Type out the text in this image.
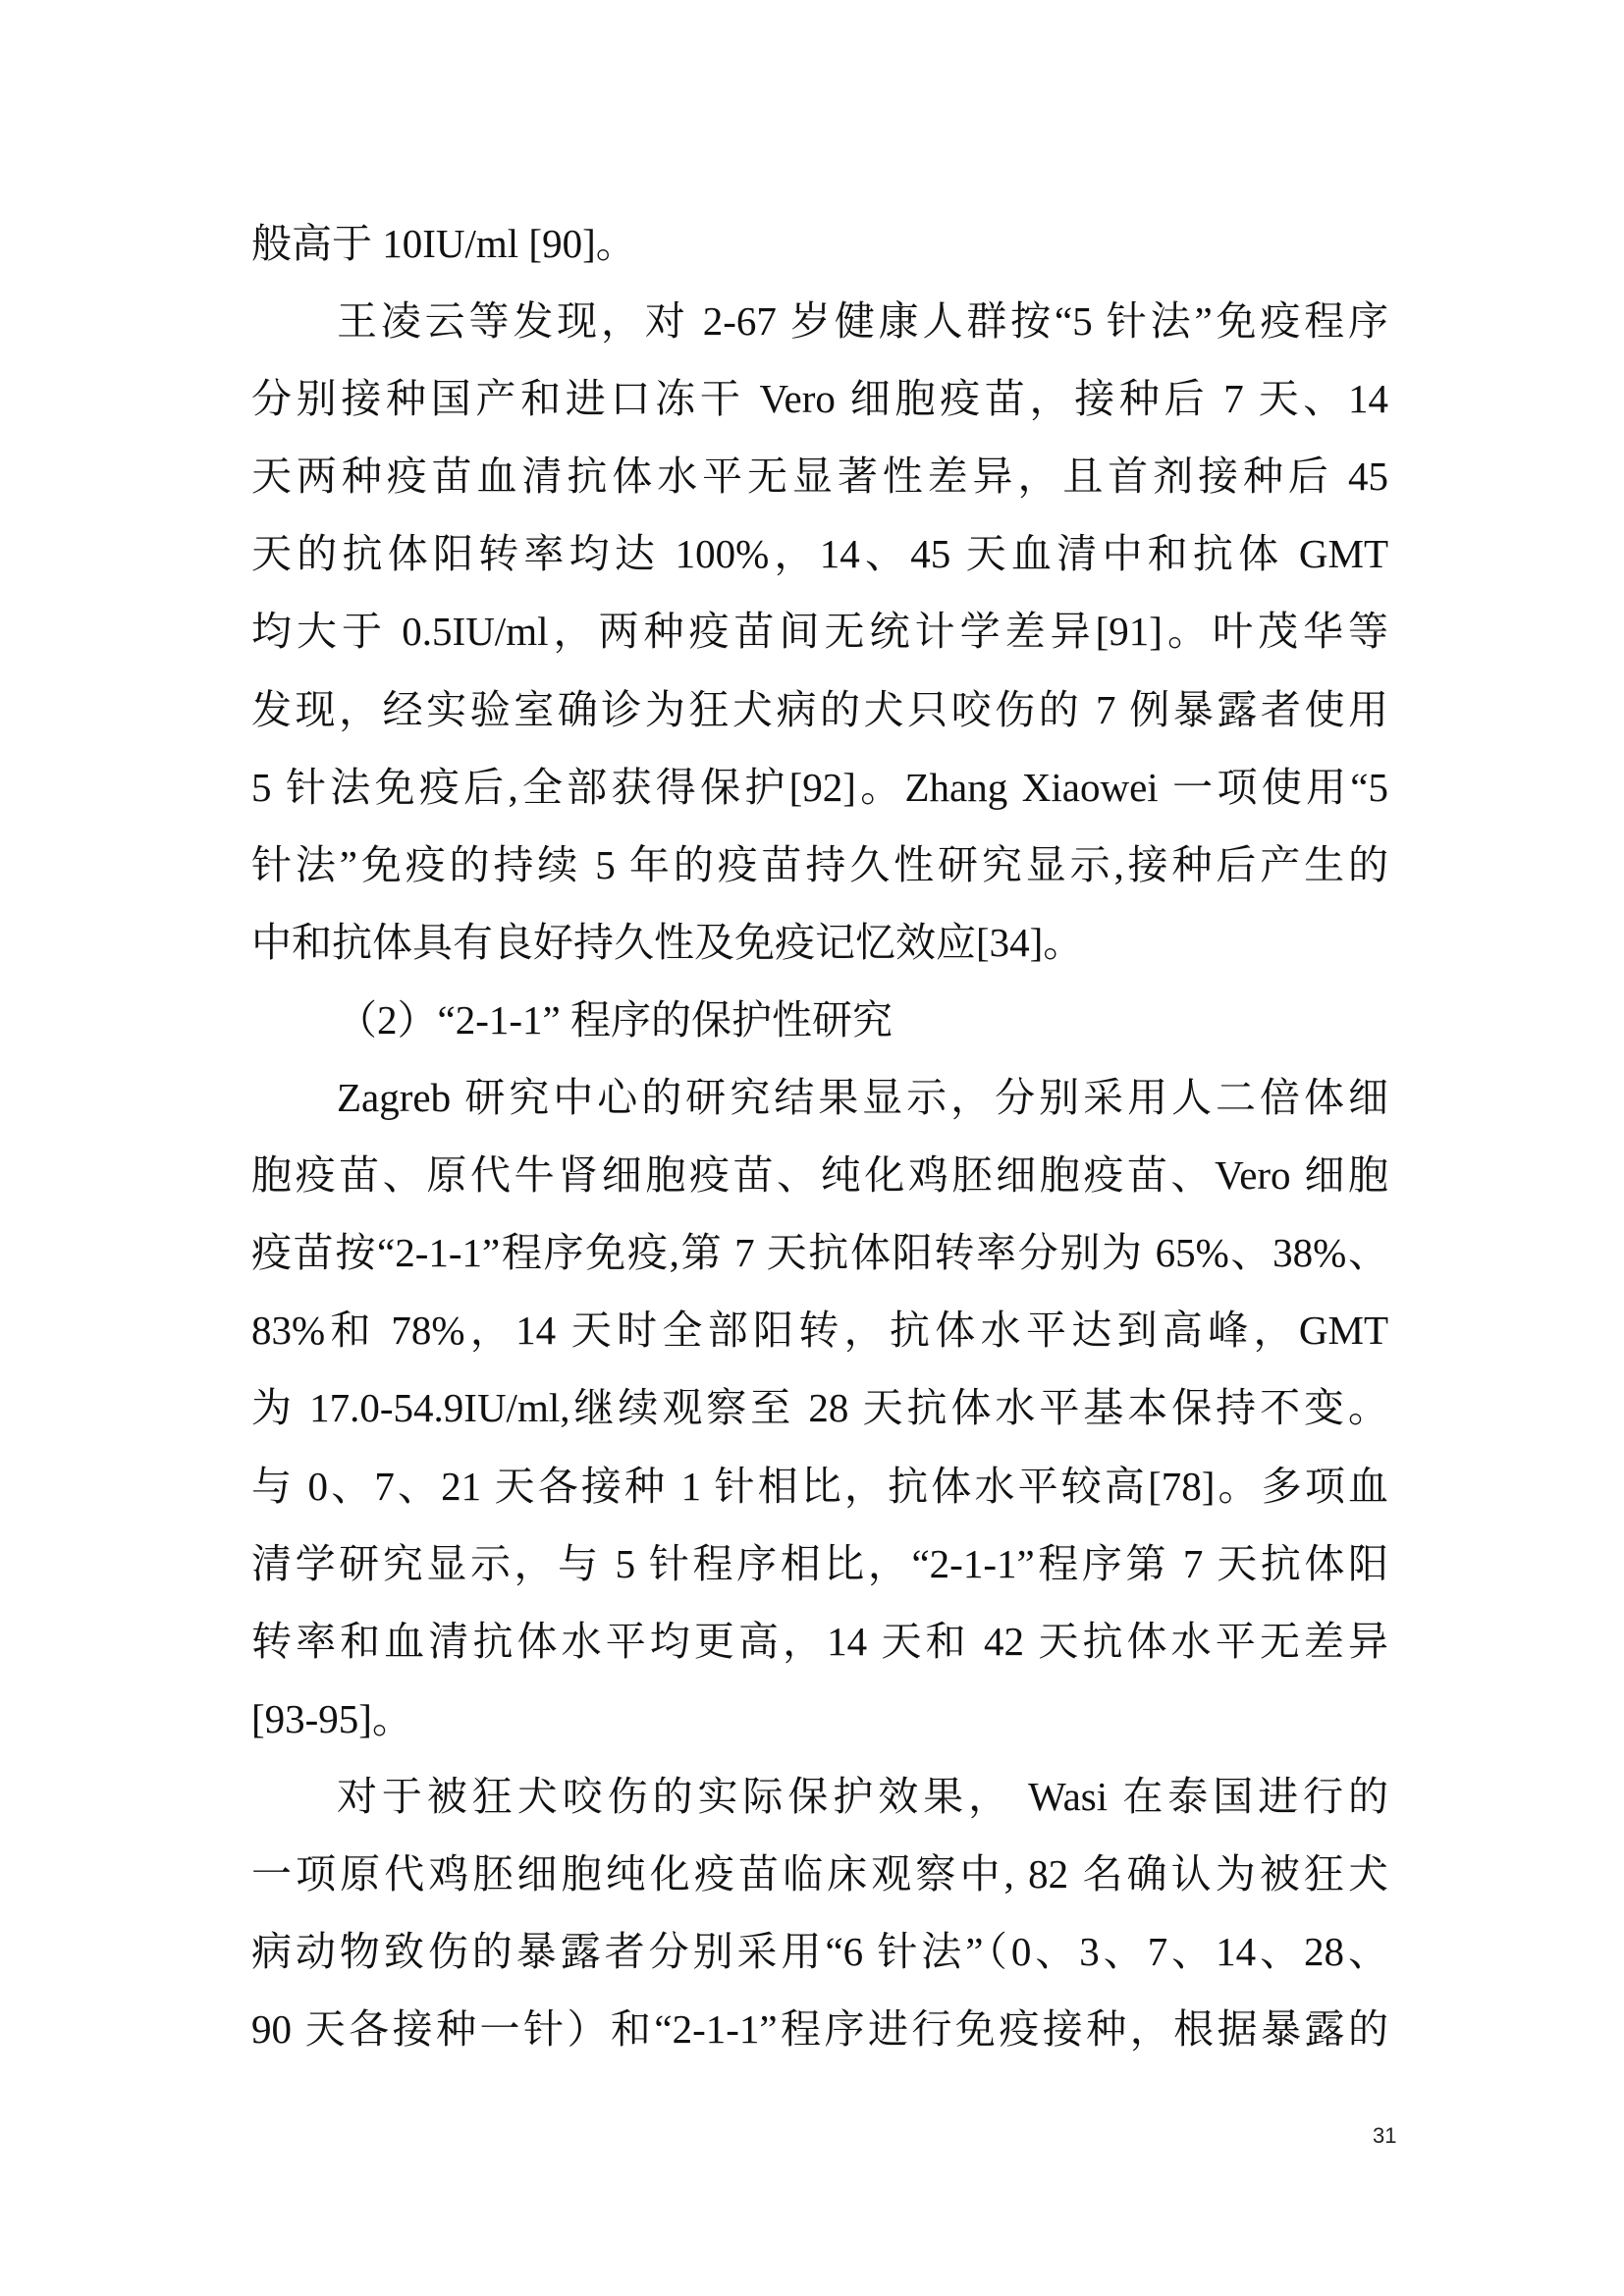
般高于 10IU/ml [90]。
王凌云等发现，对 2-67 岁健康人群按“5 针法”免疫程序
分别接种国产和进口冻干 Vero 细胞疫苗，接种后 7 天、14
天两种疫苗血清抗体水平无显著性差异，且首剂接种后 45
天的抗体阳转率均达 100%，14、45 天血清中和抗体 GMT
均大于 0.5IU/ml，两种疫苗间无统计学差异[91]。叶茂华等
发现，经实验室确诊为狂犬病的犬只咬伤的 7 例暴露者使用
5 针法免疫后,全部获得保护[92]。Zhang Xiaowei 一项使用“5
针法”免疫的持续 5 年的疫苗持久性研究显示,接种后产生的
中和抗体具有良好持久性及免疫记忆效应[34]。
（2）“2-1-1” 程序的保护性研究
Zagreb 研究中心的研究结果显示，分别采用人二倍体细
胞疫苗、原代牛肾细胞疫苗、纯化鸡胚细胞疫苗、Vero 细胞
疫苗按“2-1-1”程序免疫,第 7 天抗体阳转率分别为 65%、38%、
83%和 78%，14 天时全部阳转，抗体水平达到高峰，GMT
为 17.0-54.9IU/ml,继续观察至 28 天抗体水平基本保持不变。
与 0、7、21 天各接种 1 针相比，抗体水平较高[78]。多项血
清学研究显示，与 5 针程序相比，“2-1-1”程序第 7 天抗体阳
转率和血清抗体水平均更高，14 天和 42 天抗体水平无差异
[93-95]。
对于被狂犬咬伤的实际保护效果， Wasi 在泰国进行的
一项原代鸡胚细胞纯化疫苗临床观察中, 82 名确认为被狂犬
病动物致伤的暴露者分别采用“6 针法”（0、3、7、14、28、
90 天各接种一针）和“2-1-1”程序进行免疫接种，根据暴露的
31
